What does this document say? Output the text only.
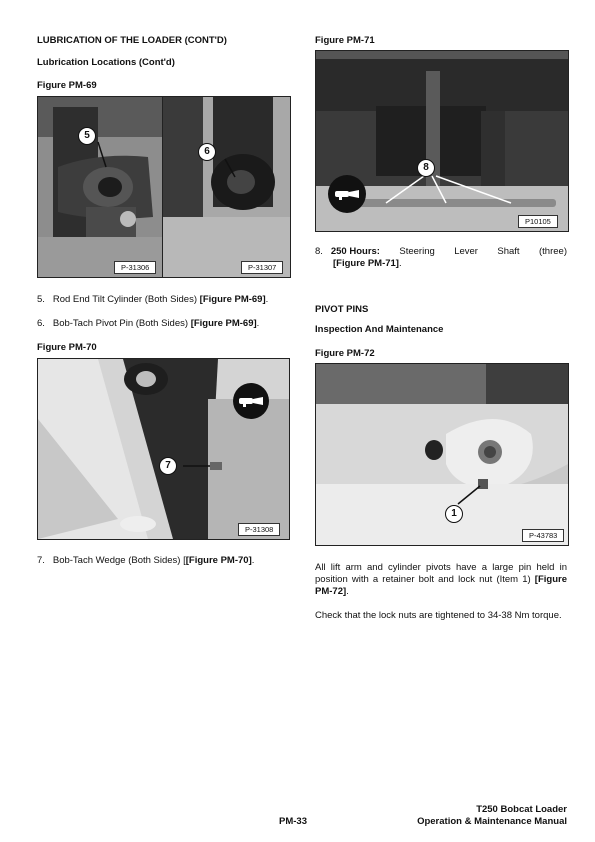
LUBRICATION OF THE LOADER (CONT'D)
Lubrication Locations (Cont'd)
Figure PM-69
5
P-31306
6
P-31307
5. Rod End Tilt Cylinder (Both Sides) [Figure PM-69].
6. Bob-Tach Pivot Pin (Both Sides) [Figure PM-69].
Figure PM-70
7
P-31308
7. Bob-Tach Wedge (Both Sides) [[Figure PM-70].
Figure PM-71
8
P10105
8. 250 Hours: Steering Lever Shaft (three)
[Figure PM-71].
PIVOT PINS
Inspection And Maintenance
Figure PM-72
1
P-43783
All lift arm and cylinder pivots have a large pin held in position with a retainer bolt and lock nut (Item 1) [Figure PM-72].
Check that the lock nuts are tightened to 34-38 Nm torque.
PM-33
T250 Bobcat Loader
Operation & Maintenance Manual
